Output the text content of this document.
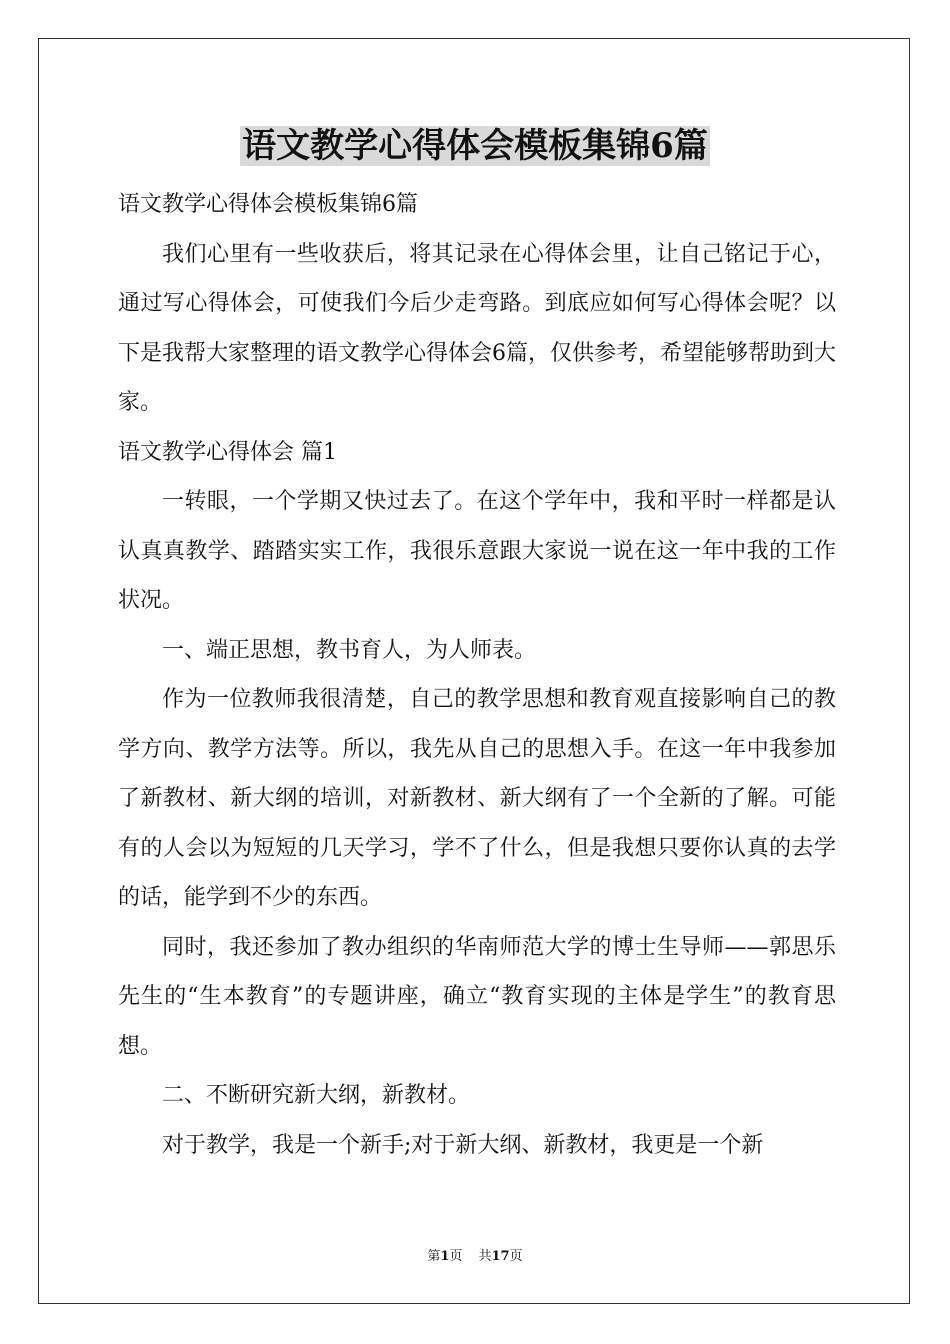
语文教学心得体会模板集锦6篇

语文教学心得体会模板集锦6篇

我们心里有一些收获后，将其记录在心得体会里，让自己铭记于心，通过写心得体会，可使我们今后少走弯路。到底应如何写心得体会呢？以下是我帮大家整理的语文教学心得体会6篇，仅供参考，希望能够帮助到大家。

语文教学心得体会 篇1

一转眼，一个学期又快过去了。在这个学年中，我和平时一样都是认认真真教学、踏踏实实工作，我很乐意跟大家说一说在这一年中我的工作状况。

一、端正思想，教书育人，为人师表。

作为一位教师我很清楚，自己的教学思想和教育观直接影响自己的教学方向、教学方法等。所以，我先从自己的思想入手。在这一年中我参加了新教材、新大纲的培训，对新教材、新大纲有了一个全新的了解。可能有的人会以为短短的几天学习，学不了什么，但是我想只要你认真的去学的话，能学到不少的东西。

同时，我还参加了教办组织的华南师范大学的博士生导师——郭思乐先生的“生本教育”的专题讲座，确立“教育实现的主体是学生”的教育思想。

二、不断研究新大纲，新教材。

对于教学，我是一个新手;对于新大纲、新教材，我更是一个新

第1页 共17页
